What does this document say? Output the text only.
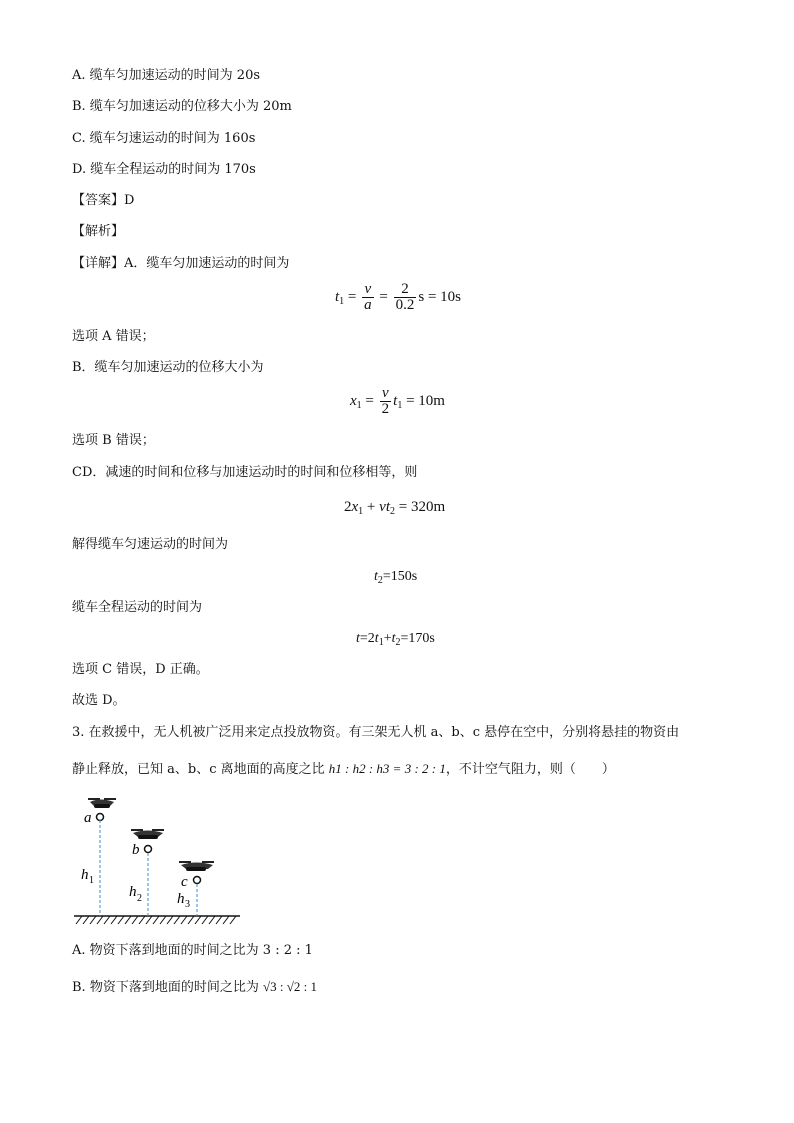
A. 缆车匀加速运动的时间为 20s
B. 缆车匀加速运动的位移大小为 20m
C. 缆车匀速运动的时间为 160s
D. 缆车全程运动的时间为 170s
【答案】D
【解析】
【详解】A．缆车匀加速运动的时间为
$t_1 = \frac{v}{a} = \frac{2}{0.2}$ s = 10s
选项 A 错误；
B．缆车匀加速运动的位移大小为
$x_1 = \frac{v}{2} t_1 = 10m$
选项 B 错误；
CD．减速的时间和位移与加速运动时的时间和位移相等，则
$2x_1 + vt_2 = 320m$
解得缆车匀速运动的时间为
$t_2=150s$
缆车全程运动的时间为
$t=2t_1+t_2=170s$
选项 C 错误，D 正确。
故选 D。
3. 在救援中，无人机被广泛用来定点投放物资。有三架无人机 a、b、c 悬停在空中，分别将悬挂的物资由
静止释放，已知 a、b、c 离地面的高度之比 h1 : h2 : h3 = 3 : 2 : 1，不计空气阻力，则（　　）
a
h 1
b
h 2
c
h 3
A. 物资下落到地面的时间之比为 3 : 2 : 1
B. 物资下落到地面的时间之比为 √3 : √2 : 1
